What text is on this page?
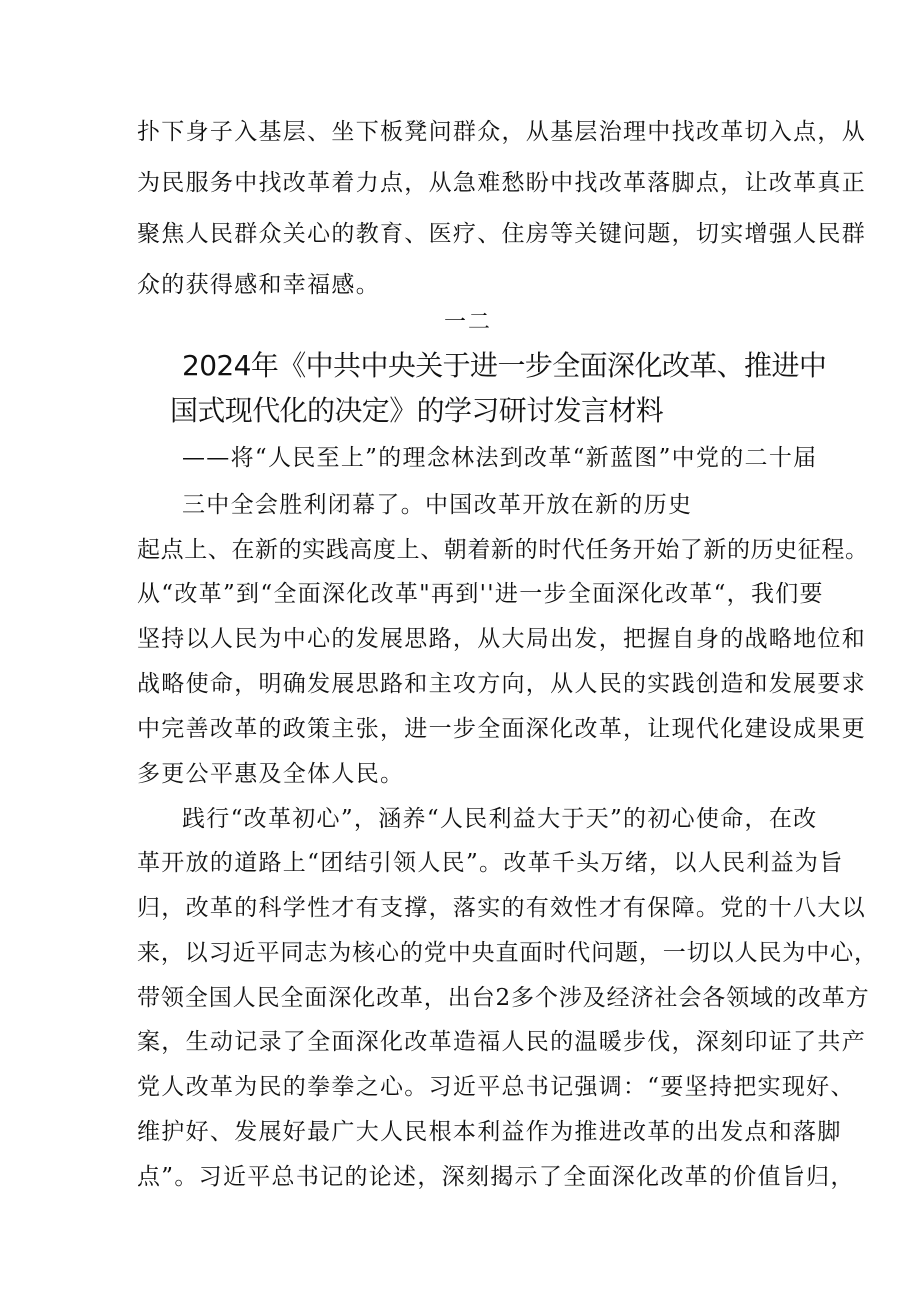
扑下身子入基层、坐下板凳问群众，从基层治理中找改革切入点，从
为民服务中找改革着力点，从急难愁盼中找改革落脚点，让改革真正
聚焦人民群众关心的教育、医疗、住房等关键问题，切实增强人民群
众的获得感和幸福感。
一二
2024年《中共中央关于进一步全面深化改革、推进中
国式现代化的决定》的学习研讨发言材料
——将“人民至上”的理念林法到改革“新蓝图”中党的二十届
三中全会胜利闭幕了。中国改革开放在新的历史
起点上、在新的实践高度上、朝着新的时代任务开始了新的历史征程。
从“改革”到“全面深化改革"再到''进一步全面深化改革“，我们要
坚持以人民为中心的发展思路，从大局出发，把握自身的战略地位和
战略使命，明确发展思路和主攻方向，从人民的实践创造和发展要求
中完善改革的政策主张，进一步全面深化改革，让现代化建设成果更
多更公平惠及全体人民。
践行“改革初心”，涵养“人民利益大于天”的初心使命，在改
革开放的道路上“团结引领人民”。改革千头万绪，以人民利益为旨
归，改革的科学性才有支撑，落实的有效性才有保障。党的十八大以
来，以习近平同志为核心的党中央直面时代问题，一切以人民为中心，
带领全国人民全面深化改革，出台2多个涉及经济社会各领域的改革方
案，生动记录了全面深化改革造福人民的温暖步伐，深刻印证了共产
党人改革为民的拳拳之心。习近平总书记强调：“要坚持把实现好、
维护好、发展好最广大人民根本利益作为推进改革的出发点和落脚
点”。习近平总书记的论述，深刻揭示了全面深化改革的价值旨归，
